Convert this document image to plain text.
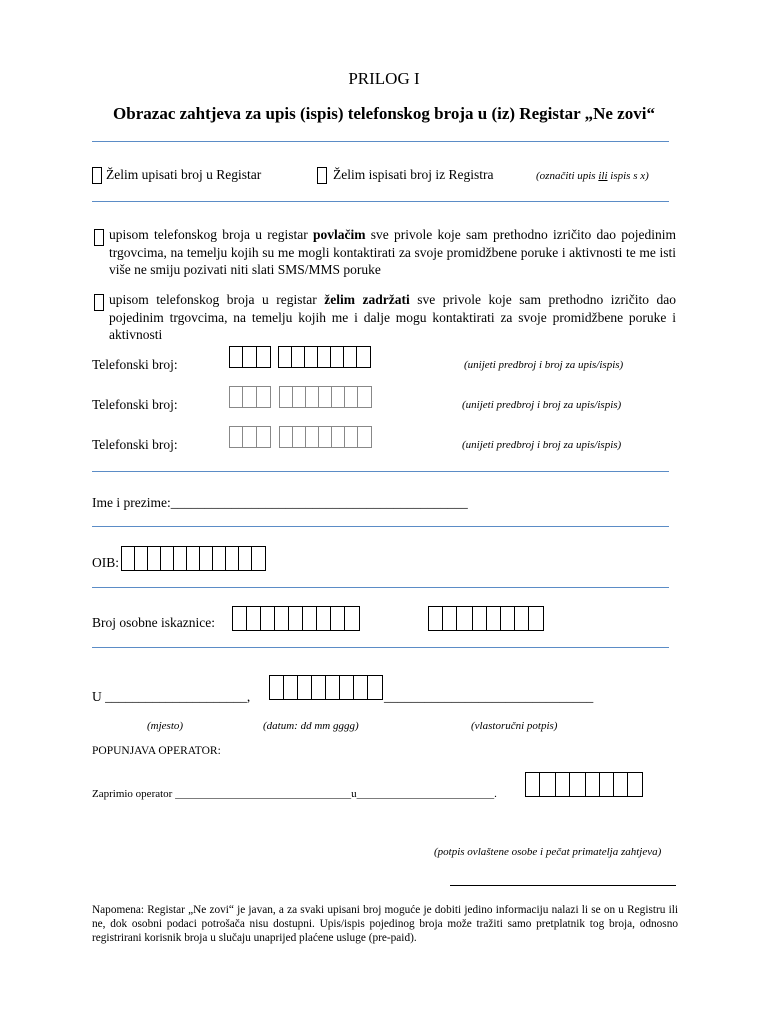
PRILOG I
Obrazac zahtjeva za upis (ispis) telefonskog broja u (iz) Registar „Ne zovi“
Želim upisati broj u Registar	Želim ispisati broj iz Registra	(označiti upis ili ispis s x)
upisom telefonskog broja u registar povlačim sve privole koje sam prethodno izričito dao pojedinim trgovcima, na temelju kojih su me mogli kontaktirati za svoje promidžbene poruke i aktivnosti te me isti više ne smiju pozivati niti slati SMS/MMS poruke
upisom telefonskog broja u registar želim zadržati sve privole koje sam prethodno izričito dao pojedinim trgovcima, na temelju kojih me i dalje mogu kontaktirati za svoje promidžbene poruke i aktivnosti
Telefonski broj:	(unijeti predbroj i broj za upis/ispis)
Telefonski broj:	(unijeti predbroj i broj za upis/ispis)
Telefonski broj:	(unijeti predbroj i broj za upis/ispis)
Ime i prezime:____________________________________________
OIB:
Broj osobne iskaznice:
U _____________________,	_______________________________
(mjesto)	(datum: dd mm gggg)	(vlastoručni potpis)
POPUNJAVA OPERATOR:
Zaprimio operator ________________________________u_________________________.
(potpis ovlaštene osobe i pečat primatelja zahtjeva)
Napomena: Registar „Ne zovi“ je javan, a za svaki upisani broj moguće je dobiti jedino informaciju nalazi li se on u Registru ili ne, dok osobni podaci potrošača nisu dostupni. Upis/ispis pojedinog broja može tražiti samo pretplatnik tog broja, odnosno registrirani korisnik broja u slučaju unaprijed plaćene usluge (pre-paid).
